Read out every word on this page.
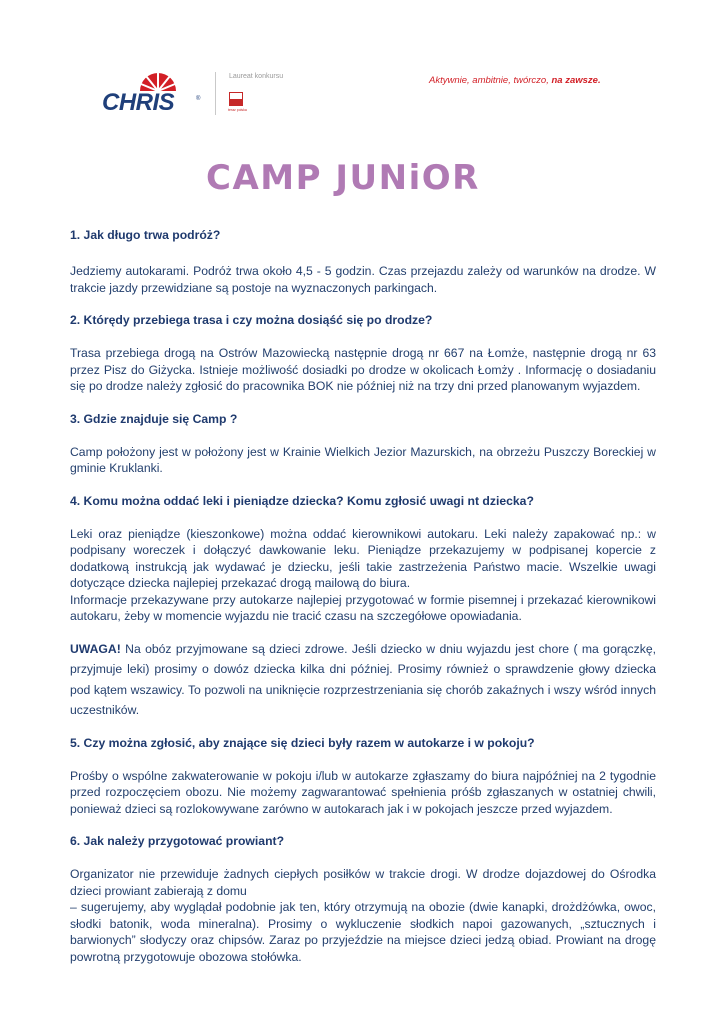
CHRIS	®
Laureat konkursu
teraz polska
Aktywnie, ambitnie, twórczo, na zawsze.
CAMP JUNiOR

1. Jak długo trwa podróż?

Jedziemy autokarami. Podróż trwa około 4,5 - 5 godzin. Czas przejazdu zależy od warunków na drodze. W trakcie jazdy przewidziane są postoje na wyznaczonych parkingach.

2. Którędy przebiega trasa i czy można dosiąść się po drodze?

Trasa przebiega drogą na Ostrów Mazowiecką następnie drogą nr 667 na Łomże, następnie drogą nr 63 przez Pisz do Giżycka. Istnieje możliwość dosiadki po drodze w okolicach Łomży . Informację o dosiadaniu się po drodze należy zgłosić do pracownika BOK nie później niż na trzy dni przed planowanym wyjazdem.

3. Gdzie znajduje się Camp ?

Camp położony jest w położony jest w Krainie Wielkich Jezior Mazurskich, na obrzeżu Puszczy Boreckiej w gminie Kruklanki.

4. Komu można oddać leki i pieniądze dziecka? Komu zgłosić uwagi nt dziecka?

Leki oraz pieniądze (kieszonkowe) można oddać kierownikowi autokaru. Leki należy zapakować np.: w podpisany woreczek i dołączyć dawkowanie leku. Pieniądze przekazujemy w podpisanej kopercie z dodatkową instrukcją jak wydawać je dziecku, jeśli takie zastrzeżenia Państwo macie. Wszelkie uwagi dotyczące dziecka najlepiej przekazać drogą mailową do biura.

Informacje przekazywane przy autokarze najlepiej przygotować w formie pisemnej i przekazać kierownikowi autokaru, żeby w momencie wyjazdu nie tracić czasu na szczegółowe opowiadania.

UWAGA! Na obóz przyjmowane są dzieci zdrowe. Jeśli dziecko w dniu wyjazdu jest chore ( ma gorączkę, przyjmuje leki) prosimy o dowóz dziecka kilka dni później. Prosimy również o sprawdzenie głowy dziecka pod kątem wszawicy. To pozwoli na uniknięcie rozprzestrzeniania się chorób zakaźnych i wszy wśród innych uczestników.

5. Czy można zgłosić, aby znające się dzieci były razem w autokarze i w pokoju?

Prośby o wspólne zakwaterowanie w pokoju i/lub w autokarze zgłaszamy do biura najpóźniej na 2 tygodnie przed rozpoczęciem obozu. Nie możemy zagwarantować spełnienia próśb zgłaszanych w ostatniej chwili, ponieważ dzieci są rozlokowywane zarówno w autokarach jak i w pokojach jeszcze przed wyjazdem.

6. Jak należy przygotować prowiant?

Organizator nie przewiduje żadnych ciepłych posiłków w trakcie drogi. W drodze dojazdowej do Ośrodka dzieci prowiant zabierają z domu

– sugerujemy, aby wyglądał podobnie jak ten, który otrzymują na obozie (dwie kanapki, drożdżówka, owoc, słodki batonik, woda mineralna). Prosimy o wykluczenie słodkich napoi gazowanych, „sztucznych i barwionych” słodyczy oraz chipsów. Zaraz po przyjeździe na miejsce dzieci jedzą obiad. Prowiant na drogę powrotną przygotowuje obozowa stołówka.
